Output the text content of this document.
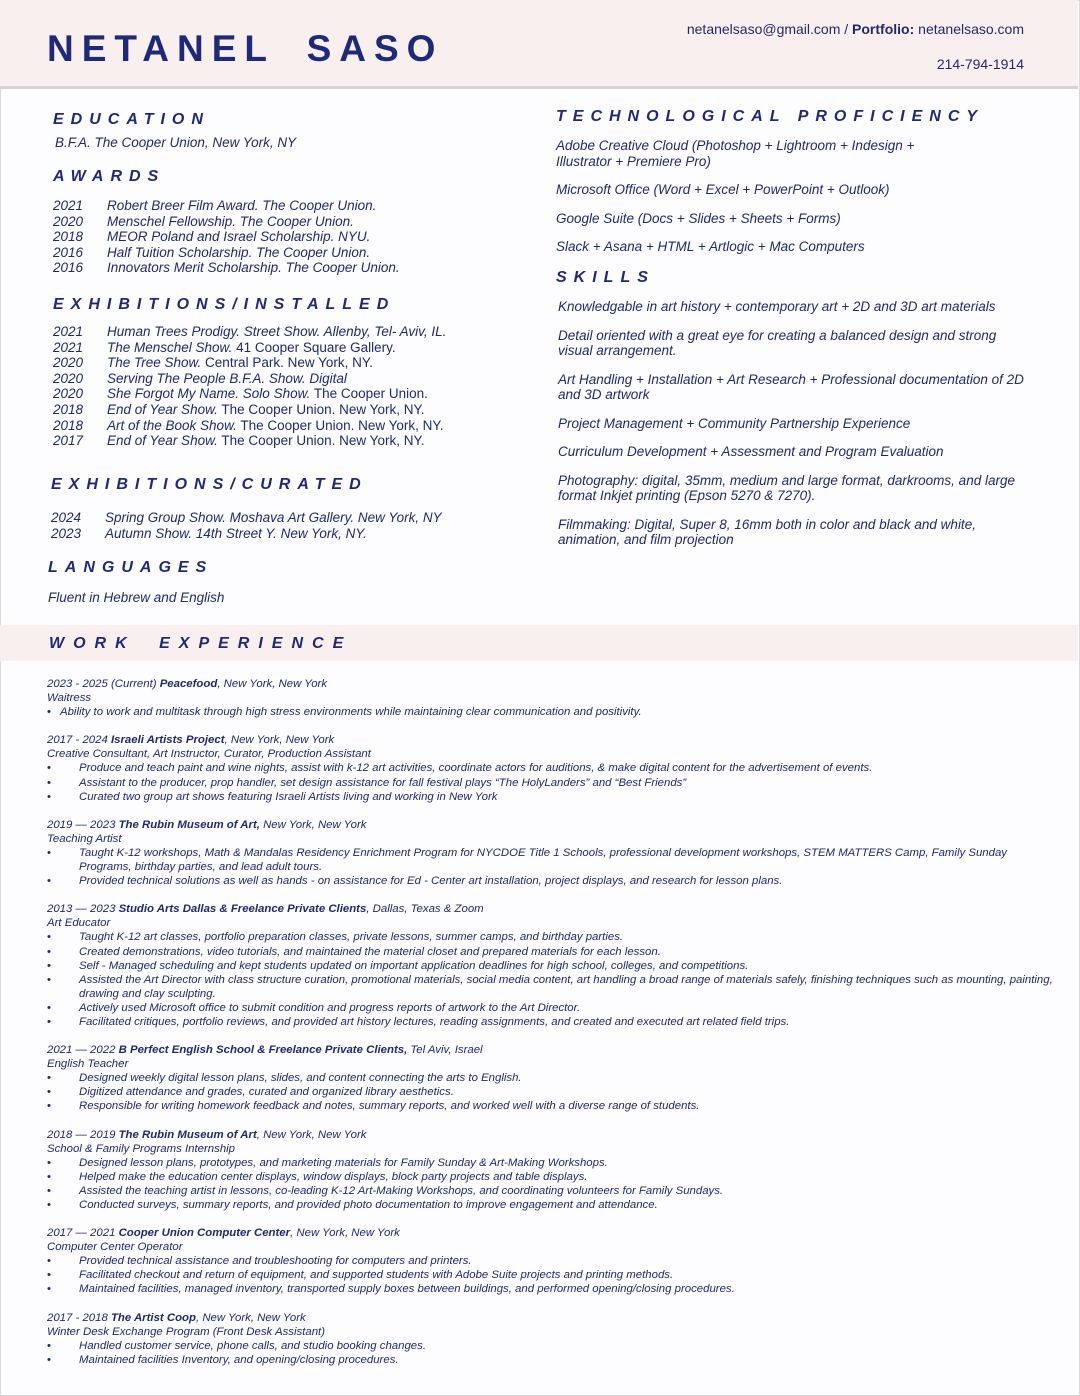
NETANEL SASO	netanelsaso@gmail.com / Portfolio: netanelsaso.com
214-794-1914
EDUCATION
B.F.A. The Cooper Union, New York, NY
AWARDS
2021	Robert Breer Film Award. The Cooper Union.
2020	Menschel Fellowship. The Cooper Union.
2018	MEOR Poland and Israel Scholarship. NYU.
2016	Half Tuition Scholarship. The Cooper Union.
2016	Innovators Merit Scholarship. The Cooper Union.
EXHIBITIONS/INSTALLED
2021	Human Trees Prodigy. Street Show. Allenby, Tel- Aviv, IL.
2021	The Menschel Show. 41 Cooper Square Gallery.
2020	The Tree Show. Central Park. New York, NY.
2020	Serving The People B.F.A. Show. Digital
2020	She Forgot My Name. Solo Show. The Cooper Union.
2018	End of Year Show. The Cooper Union. New York, NY.
2018	Art of the Book Show. The Cooper Union. New York, NY.
2017	End of Year Show. The Cooper Union. New York, NY.
EXHIBITIONS/CURATED
2024	Spring Group Show. Moshava Art Gallery. New York, NY
2023	Autumn Show. 14th Street Y. New York, NY.
LANGUAGES
Fluent in Hebrew and English
TECHNOLOGICAL PROFICIENCY
Adobe Creative Cloud (Photoshop + Lightroom + Indesign + Illustrator + Premiere Pro)
Microsoft Office (Word + Excel + PowerPoint + Outlook)
Google Suite (Docs + Slides + Sheets + Forms)
Slack + Asana + HTML + Artlogic + Mac Computers
SKILLS
Knowledgable in art history + contemporary art + 2D and 3D art materials
Detail oriented with a great eye for creating a balanced design and strong visual arrangement.
Art Handling + Installation + Art Research + Professional documentation of 2D and 3D artwork
Project Management + Community Partnership Experience
Curriculum Development + Assessment and Program Evaluation
Photography: digital, 35mm, medium and large format, darkrooms, and large format Inkjet printing (Epson 5270 & 7270).
Filmmaking: Digital, Super 8, 16mm both in color and black and white, animation, and film projection
WORK EXPERIENCE
2023 - 2025 (Current) Peacefood, New York, New York
Waitress
• Ability to work and multitask through high stress environments while maintaining clear communication and positivity.
2017 - 2024 Israeli Artists Project, New York, New York
Creative Consultant, Art Instructor, Curator, Production Assistant
•	Produce and teach paint and wine nights, assist with k-12 art activities, coordinate actors for auditions, & make digital content for the advertisement of events.
•	Assistant to the producer, prop handler, set design assistance for fall festival plays “The HolyLanders” and “Best Friends”
•	Curated two group art shows featuring Israeli Artists living and working in New York
2019 — 2023 The Rubin Museum of Art, New York, New York
Teaching Artist
•	Taught K-12 workshops, Math & Mandalas Residency Enrichment Program for NYCDOE Title 1 Schools, professional development workshops, STEM MATTERS Camp, Family Sunday Programs, birthday parties, and lead adult tours.
•	Provided technical solutions as well as hands - on assistance for Ed - Center art installation, project displays, and research for lesson plans.
2013 — 2023 Studio Arts Dallas & Freelance Private Clients, Dallas, Texas & Zoom
Art Educator
•	Taught K-12 art classes, portfolio preparation classes, private lessons, summer camps, and birthday parties.
•	Created demonstrations, video tutorials, and maintained the material closet and prepared materials for each lesson.
•	Self - Managed scheduling and kept students updated on important application deadlines for high school, colleges, and competitions.
•	Assisted the Art Director with class structure curation, promotional materials, social media content, art handling a broad range of materials safely, finishing techniques such as mounting, painting, drawing and clay sculpting.
•	Actively used Microsoft office to submit condition and progress reports of artwork to the Art Director.
•	Facilitated critiques, portfolio reviews, and provided art history lectures, reading assignments, and created and executed art related field trips.
2021 — 2022 B Perfect English School & Freelance Private Clients, Tel Aviv, Israel
English Teacher
•	Designed weekly digital lesson plans, slides, and content connecting the arts to English.
•	Digitized attendance and grades, curated and organized library aesthetics.
•	Responsible for writing homework feedback and notes, summary reports, and worked well with a diverse range of students.
2018 — 2019 The Rubin Museum of Art, New York, New York
School & Family Programs Internship
•	Designed lesson plans, prototypes, and marketing materials for Family Sunday & Art-Making Workshops.
•	Helped make the education center displays, window displays, block party projects and table displays.
•	Assisted the teaching artist in lessons, co-leading K-12 Art-Making Workshops, and coordinating volunteers for Family Sundays.
•	Conducted surveys, summary reports, and provided photo documentation to improve engagement and attendance.
2017 — 2021 Cooper Union Computer Center, New York, New York
Computer Center Operator
•	Provided technical assistance and troubleshooting for computers and printers.
•	Facilitated checkout and return of equipment, and supported students with Adobe Suite projects and printing methods.
•	Maintained facilities, managed inventory, transported supply boxes between buildings, and performed opening/closing procedures.
2017 - 2018 The Artist Coop, New York, New York
Winter Desk Exchange Program (Front Desk Assistant)
•	Handled customer service, phone calls, and studio booking changes.
•	Maintained facilities Inventory, and opening/closing procedures.
